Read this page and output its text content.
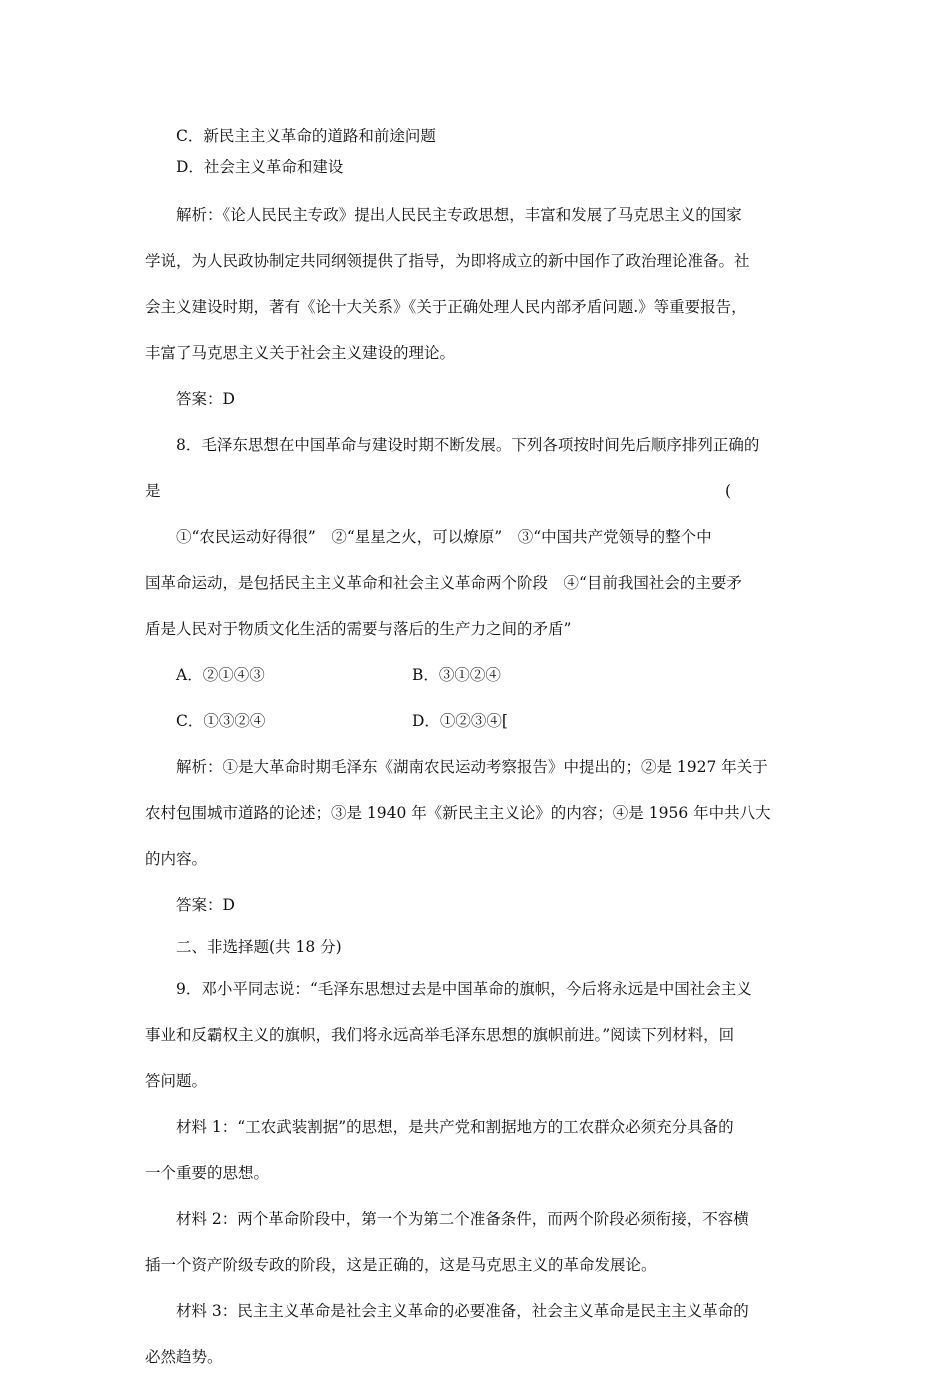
C．新民主主义革命的道路和前途问题
D．社会主义革命和建设
解析：《论人民民主专政》提出人民民主专政思想，丰富和发展了马克思主义的国家
学说，为人民政协制定共同纲领提供了指导，为即将成立的新中国作了政治理论准备。社
会主义建设时期，著有《论十大关系》《关于正确处理人民内部矛盾问题.》等重要报告，
丰富了马克思主义关于社会主义建设的理论。
答案：D
8．毛泽东思想在中国革命与建设时期不断发展。下列各项按时间先后顺序排列正确的
是	(
①“农民运动好得很”　②“星星之火，可以燎原”　③“中国共产党领导的整个中
国革命运动，是包括民主主义革命和社会主义革命两个阶段　④“目前我国社会的主要矛
盾是人民对于物质文化生活的需要与落后的生产力之间的矛盾”
A．②①④③	B．③①②④
C．①③②④	D．①②③④[
解析：①是大革命时期毛泽东《湖南农民运动考察报告》中提出的；②是 1927 年关于
农村包围城市道路的论述；③是 1940 年《新民主主义论》的内容；④是 1956 年中共八大
的内容。
答案：D
二、非选择题(共 18 分)
9．邓小平同志说：“毛泽东思想过去是中国革命的旗帜，今后将永远是中国社会主义
事业和反霸权主义的旗帜，我们将永远高举毛泽东思想的旗帜前进。”阅读下列材料，回
答问题。
材料 1：“工农武装割据”的思想，是共产党和割据地方的工农群众必须充分具备的
一个重要的思想。
材料 2：两个革命阶段中，第一个为第二个准备条件，而两个阶段必须衔接，不容横
插一个资产阶级专政的阶段，这是正确的，这是马克思主义的革命发展论。
材料 3：民主主义革命是社会主义革命的必要准备，社会主义革命是民主主义革命的
必然趋势。
